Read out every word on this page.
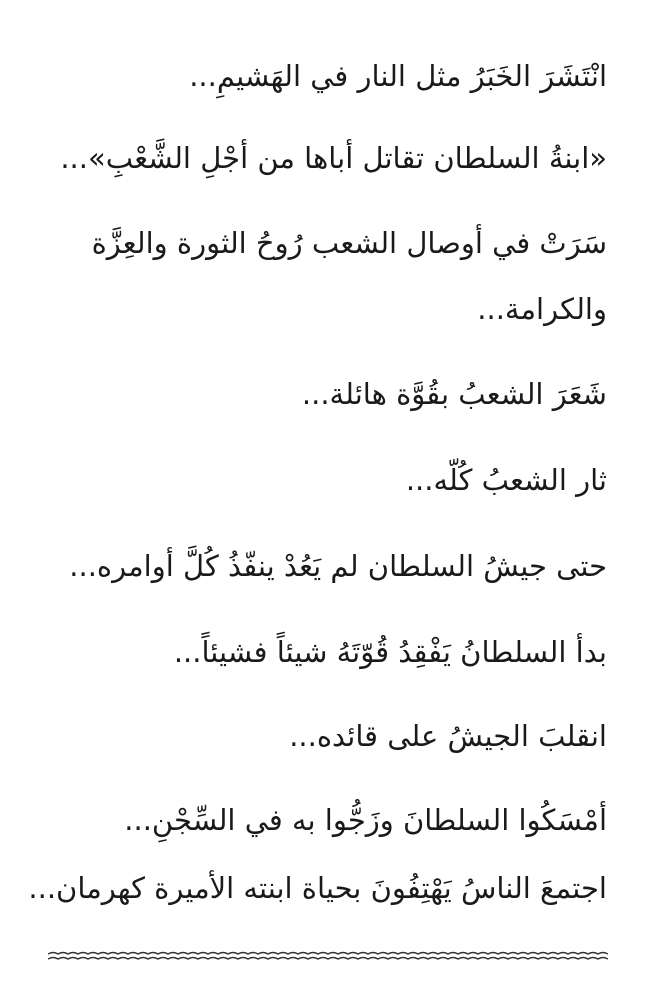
انْتَشَرَ الخَبَرُ مثل النار في الهَشيمِ...

«ابنةُ السلطان تقاتل أباها من أجْلِ الشَّعْبِ»...

سَرَتْ في أوصال الشعب رُوحُ الثورة والعِزَّة والكرامة...

شَعَرَ الشعبُ بقُوَّة هائلة...

ثار الشعبُ كُلّه...

حتى جيشُ السلطان لم يَعُدْ ينفّذُ كُلَّ أوامره...

بدأ السلطانُ يَفْقِدُ قُوّتَهُ شيئاً فشيئاً...

انقلبَ الجيشُ على قائده...

أمْسَكُوا السلطانَ وزَجُّوا به في السِّجْنِ...

اجتمعَ الناسُ يَهْتِفُونَ بحياة ابنته الأميرة كهرمان...
